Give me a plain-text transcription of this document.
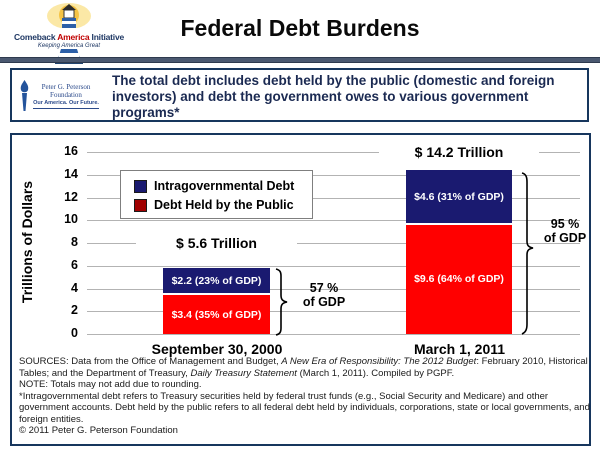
Comeback America Initiative
Keeping America Great
Federal Debt Burdens
Peter G. Peterson
Foundation
Our America. Our Future.
The total debt includes debt held by the public (domestic and foreign investors) and debt the government owes to various government programs*
0
2
4
6
8
10
12
14
16
Trillions of Dollars
$3.4 (35% of GDP)
$2.2 (23% of GDP)	$9.6 (64% of GDP)
$4.6 (31% of GDP)
Intragovernmental Debt
Debt Held by the Public
$ 5.6 Trillion
$ 14.2 Trillion
57 %
of GDP
95 %
of GDP
September 30, 2000	March 1, 2011

SOURCES: Data from the Office of Management and Budget, A New Era of Responsibility: The 2012 Budget: February 2010, Historical Tables; and the Department of Treasury, Daily Treasury Statement (March 1, 2011). Compiled by PGPF.

NOTE: Totals may not add due to rounding.

*Intragovernmental debt refers to Treasury securities held by federal trust funds (e.g., Social Security and Medicare) and other government accounts. Debt held by the public refers to all federal debt held by individuals, corporations, state or local governments, and foreign entities.

© 2011 Peter G. Peterson Foundation
